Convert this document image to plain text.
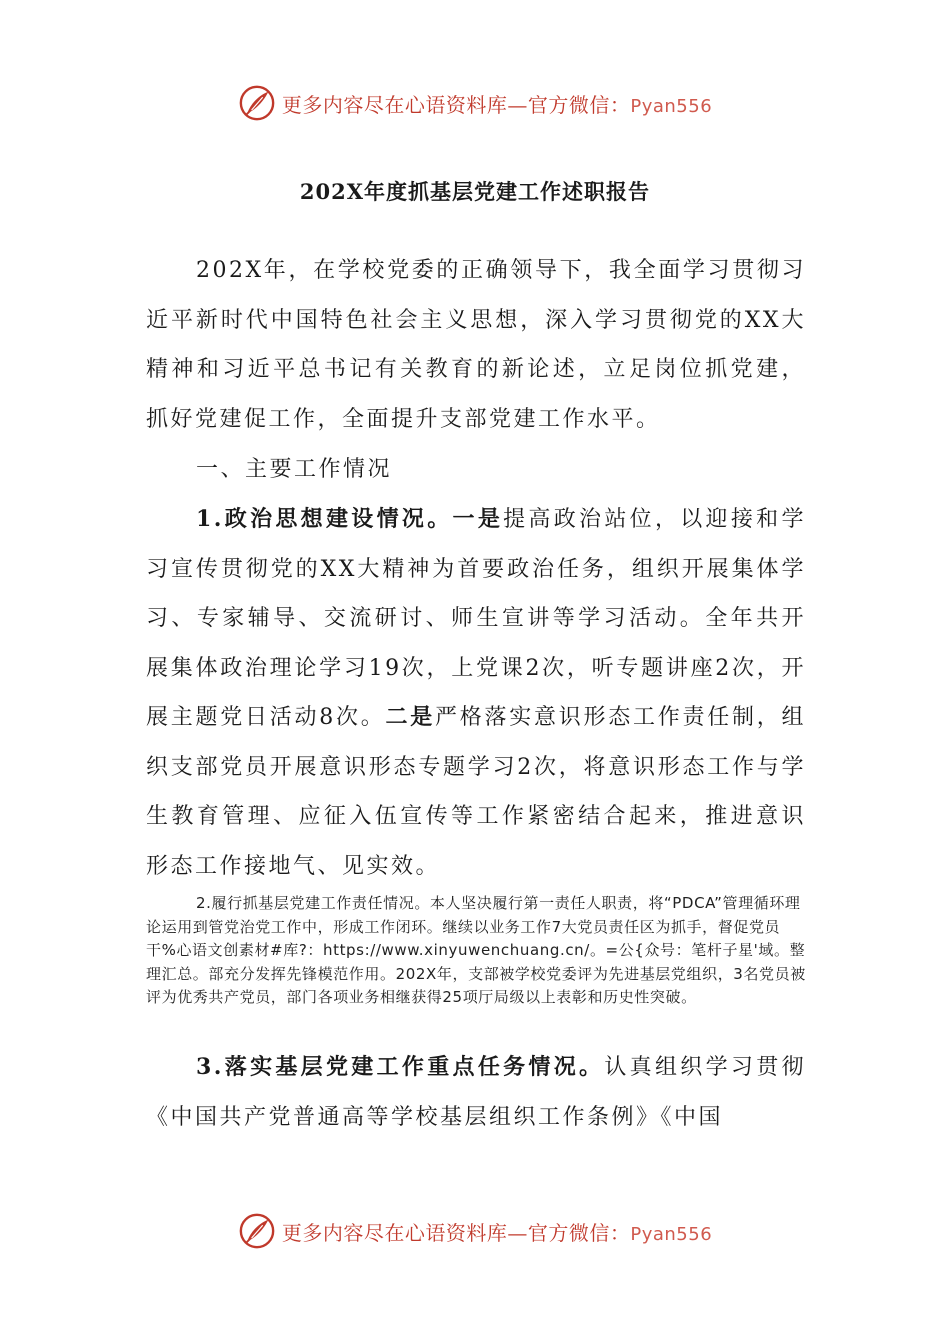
更多内容尽在心语资料库—官方微信：Pyan556
202X年度抓基层党建工作述职报告

202X年，在学校党委的正确领导下，我全面学习贯彻习近平新时代中国特色社会主义思想，深入学习贯彻党的XX大精神和习近平总书记有关教育的新论述，立足岗位抓党建，抓好党建促工作，全面提升支部党建工作水平。

一、主要工作情况

1.政治思想建设情况。一是提高政治站位，以迎接和学习宣传贯彻党的XX大精神为首要政治任务，组织开展集体学习、专家辅导、交流研讨、师生宣讲等学习活动。全年共开展集体政治理论学习19次，上党课2次，听专题讲座2次，开展主题党日活动8次。二是严格落实意识形态工作责任制，组织支部党员开展意识形态专题学习2次，将意识形态工作与学生教育管理、应征入伍宣传等工作紧密结合起来，推进意识形态工作接地气、见实效。

2.履行抓基层党建工作责任情况。本人坚决履行第一责任人职责，将“PDCA”管理循环理论运用到管党治党工作中，形成工作闭环。继续以业务工作7大党员责任区为抓手，督促党员干%心语文创素材#库?：https://www.xinyuwenchuang.cn/。=公{众号：笔杆子星'域。整理汇总。部充分发挥先锋模范作用。202X年，支部被学校党委评为先进基层党组织，3名党员被评为优秀共产党员，部门各项业务相继获得25项厅局级以上表彰和历史性突破。

3.落实基层党建工作重点任务情况。认真组织学习贯彻《中国共产党普通高等学校基层组织工作条例》《中国

更多内容尽在心语资料库—官方微信：Pyan556
